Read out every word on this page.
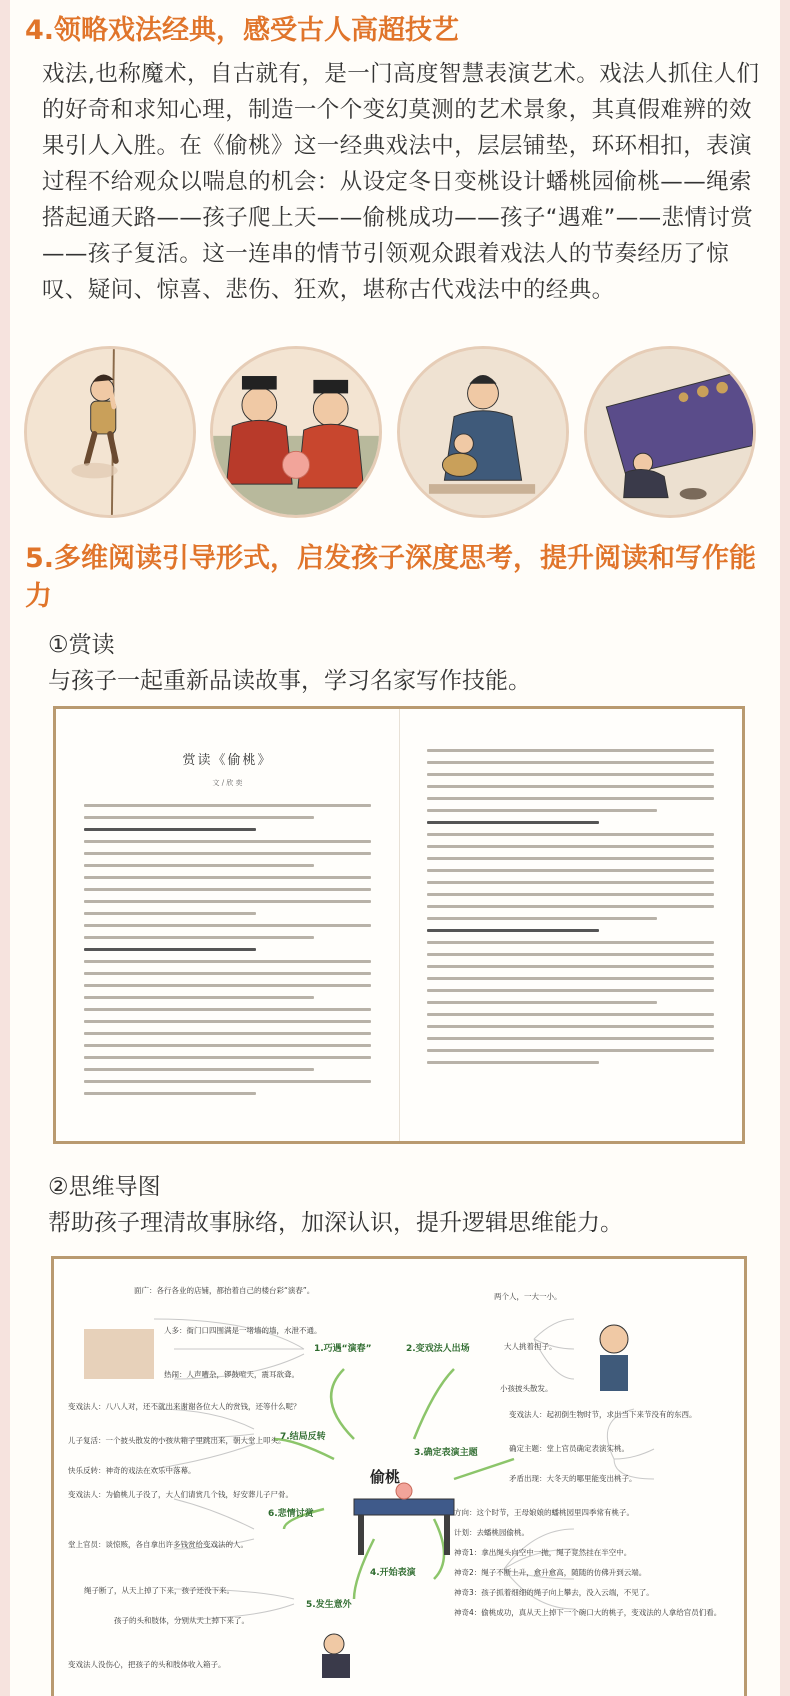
4.领略戏法经典，感受古人高超技艺
戏法,也称魔术，自古就有，是一门高度智慧表演艺术。戏法人抓住人们的好奇和求知心理，制造一个个变幻莫测的艺术景象，其真假难辨的效果引人入胜。在《偷桃》这一经典戏法中，层层铺垫，环环相扣，表演过程不给观众以喘息的机会：从设定冬日变桃设计蟠桃园偷桃——绳索搭起通天路——孩子爬上天——偷桃成功——孩子“遇难”——悲情讨赏——孩子复活。这一连串的情节引领观众跟着戏法人的节奏经历了惊叹、疑问、惊喜、悲伤、狂欢，堪称古代戏法中的经典。
5.多维阅读引导形式，启发孩子深度思考，提升阅读和写作能力
①赏读
与孩子一起重新品读故事，学习名家写作技能。
赏读《偷桃》
文 / 欣 奕
②思维导图
帮助孩子理清故事脉络，加深认识，提升逻辑思维能力。
偷桃
1.巧遇“演春”	2.变戏法人出场
3.确定表演主题
4.开始表演
5.发生意外
6.悲情讨赏
7.结局反转
面广：各行各业的店铺，都抬着自己的楼台彩“演春”。
人多：衙门口四围满是一堵墙的墙，水泄不通。
热闹：人声嘈杂，锣鼓喧天，震耳欲聋。
两个人，一大一小。
大人挑着担子。
小孩披头散发。
变戏法人：起初倒生物时节，求出当下来节没有的东西。
确定主题：堂上官员确定表演实桃。
矛盾出现：大冬天的哪里能变出桃子。
方向：这个时节，王母娘娘的蟠桃园里四季常有桃子。
计划：去蟠桃园偷桃。
神奇1：拿出绳头向空中一抛，绳子竟然挂在半空中。
神奇2：绳子不断上升，愈升愈高，随随的仿佛升到云端。
神奇3：孩子抓着细细的绳子向上攀去，没入云端，不见了。
神奇4：偷桃成功，真从天上掉下一个碗口大的桃子，变戏法的人拿给官员们看。
绳子断了，从天上掉了下来，孩子还没下来。
孩子的头和肢体，分别从天上掉下来了。
变戏法人：为偷桃儿子没了，大人们请赏几个钱，好安葬儿子尸骨。
堂上官员：谈惊赅，各自拿出许多钱赏给变戏法的人。
变戏法人：八八人对，还不就出来谢谢各位大人的赏钱，还等什么呢？
儿子复活：一个披头散发的小孩从箱子里跳出来，朝大堂上叩头。
快乐反转：神奇的戏法在欢乐中落幕。
变戏法人没伤心，把孩子的头和肢体收入箱子。
